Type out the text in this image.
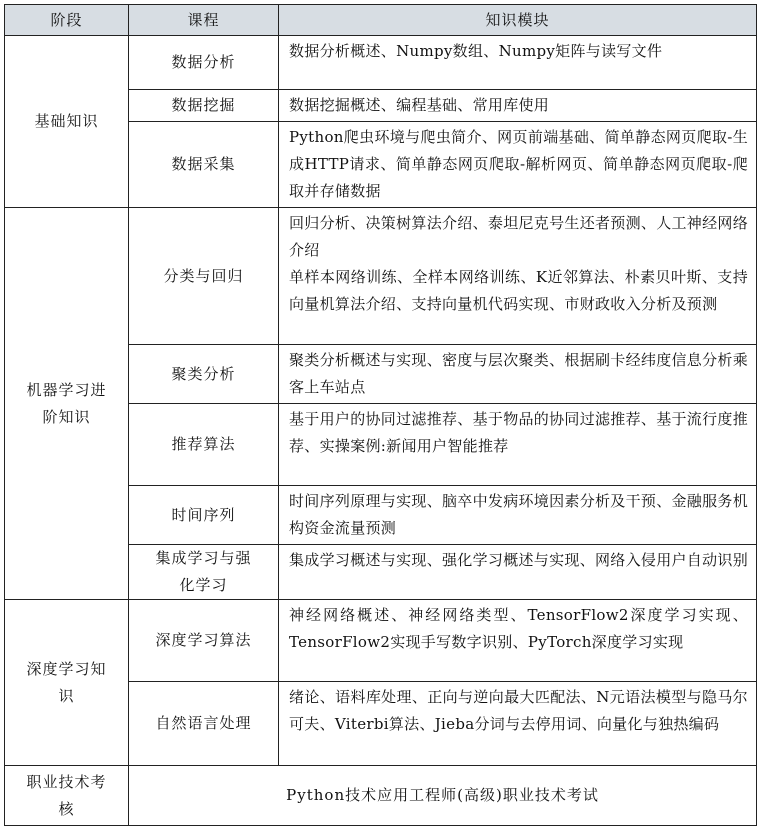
阶段	课程	知识模块
基础知识	数据分析	数据分析概述、Numpy数组、Numpy矩阵与读写文件
	数据挖掘	数据挖掘概述、编程基础、常用库使用
	数据采集	Python爬虫环境与爬虫简介、网页前端基础、简单静态网页爬取-生成HTTP请求、简单静态网页爬取-解析网页、简单静态网页爬取-爬取并存储数据
机器学习进阶知识	分类与回归	回归分析、决策树算法介绍、泰坦尼克号生还者预测、人工神经网络介绍
单样本网络训练、全样本网络训练、K近邻算法、朴素贝叶斯、支持向量机算法介绍、支持向量机代码实现、市财政收入分析及预测

	聚类分析	聚类分析概述与实现、密度与层次聚类、根据刷卡经纬度信息分析乘客上车站点
	推荐算法	基于用户的协同过滤推荐、基于物品的协同过滤推荐、基于流行度推荐、实操案例:新闻用户智能推荐
	时间序列	时间序列原理与实现、脑卒中发病环境因素分析及干预、金融服务机构资金流量预测
	集成学习与强化学习	集成学习概述与实现、强化学习概述与实现、网络入侵用户自动识别
深度学习知识	深度学习算法	神经网络概述、神经网络类型、TensorFlow2深度学习实现、TensorFlow2实现手写数字识别、PyTorch深度学习实现
	自然语言处理	绪论、语料库处理、正向与逆向最大匹配法、N元语法模型与隐马尔可夫、Viterbi算法、Jieba分词与去停用词、向量化与独热编码
职业技术考核	Python技术应用工程师(高级)职业技术考试	
